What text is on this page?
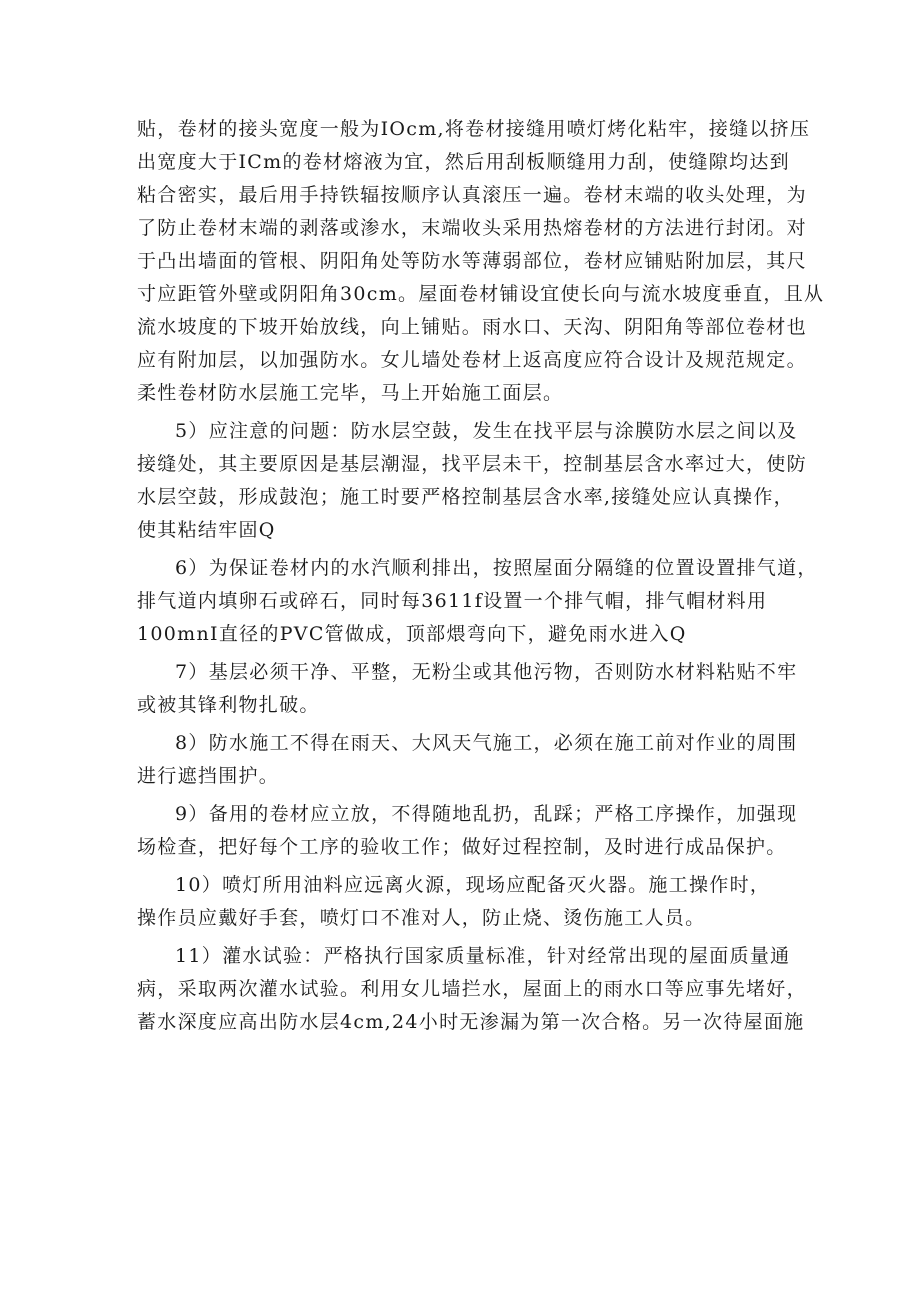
贴，卷材的接头宽度一般为IOcm,将卷材接缝用喷灯烤化粘牢，接缝以挤压
出宽度大于ICm的卷材熔液为宜，然后用刮板顺缝用力刮，使缝隙均达到
粘合密实，最后用手持铁辐按顺序认真滚压一遍。卷材末端的收头处理，为
了防止卷材末端的剥落或渗水，末端收头采用热熔卷材的方法进行封闭。对
于凸出墙面的管根、阴阳角处等防水等薄弱部位，卷材应铺贴附加层，其尺
寸应距管外壁或阴阳角30cm。屋面卷材铺设宜使长向与流水坡度垂直，且从
流水坡度的下坡开始放线，向上铺贴。雨水口、天沟、阴阳角等部位卷材也
应有附加层，以加强防水。女儿墙处卷材上返高度应符合设计及规范规定。
柔性卷材防水层施工完毕，马上开始施工面层。
5）应注意的问题：防水层空鼓，发生在找平层与涂膜防水层之间以及
接缝处，其主要原因是基层潮湿，找平层未干，控制基层含水率过大，使防
水层空鼓，形成鼓泡；施工时要严格控制基层含水率,接缝处应认真操作，
使其粘结牢固Q
6）为保证卷材内的水汽顺利排出，按照屋面分隔缝的位置设置排气道，
排气道内填卵石或碎石，同时每3611f设置一个排气帽，排气帽材料用
100mnI直径的PVC管做成，顶部煨弯向下，避免雨水进入Q
7）基层必须干净、平整，无粉尘或其他污物，否则防水材料粘贴不牢
或被其锋利物扎破。
8）防水施工不得在雨天、大风天气施工，必须在施工前对作业的周围
进行遮挡围护。
9）备用的卷材应立放，不得随地乱扔，乱踩；严格工序操作，加强现
场检查，把好每个工序的验收工作；做好过程控制，及时进行成品保护。
10）喷灯所用油料应远离火源，现场应配备灭火器。施工操作时，
操作员应戴好手套，喷灯口不准对人，防止烧、烫伤施工人员。
11）灌水试验：严格执行国家质量标准，针对经常出现的屋面质量通
病，采取两次灌水试验。利用女儿墙拦水，屋面上的雨水口等应事先堵好，
蓄水深度应高出防水层4cm,24小时无渗漏为第一次合格。另一次待屋面施
